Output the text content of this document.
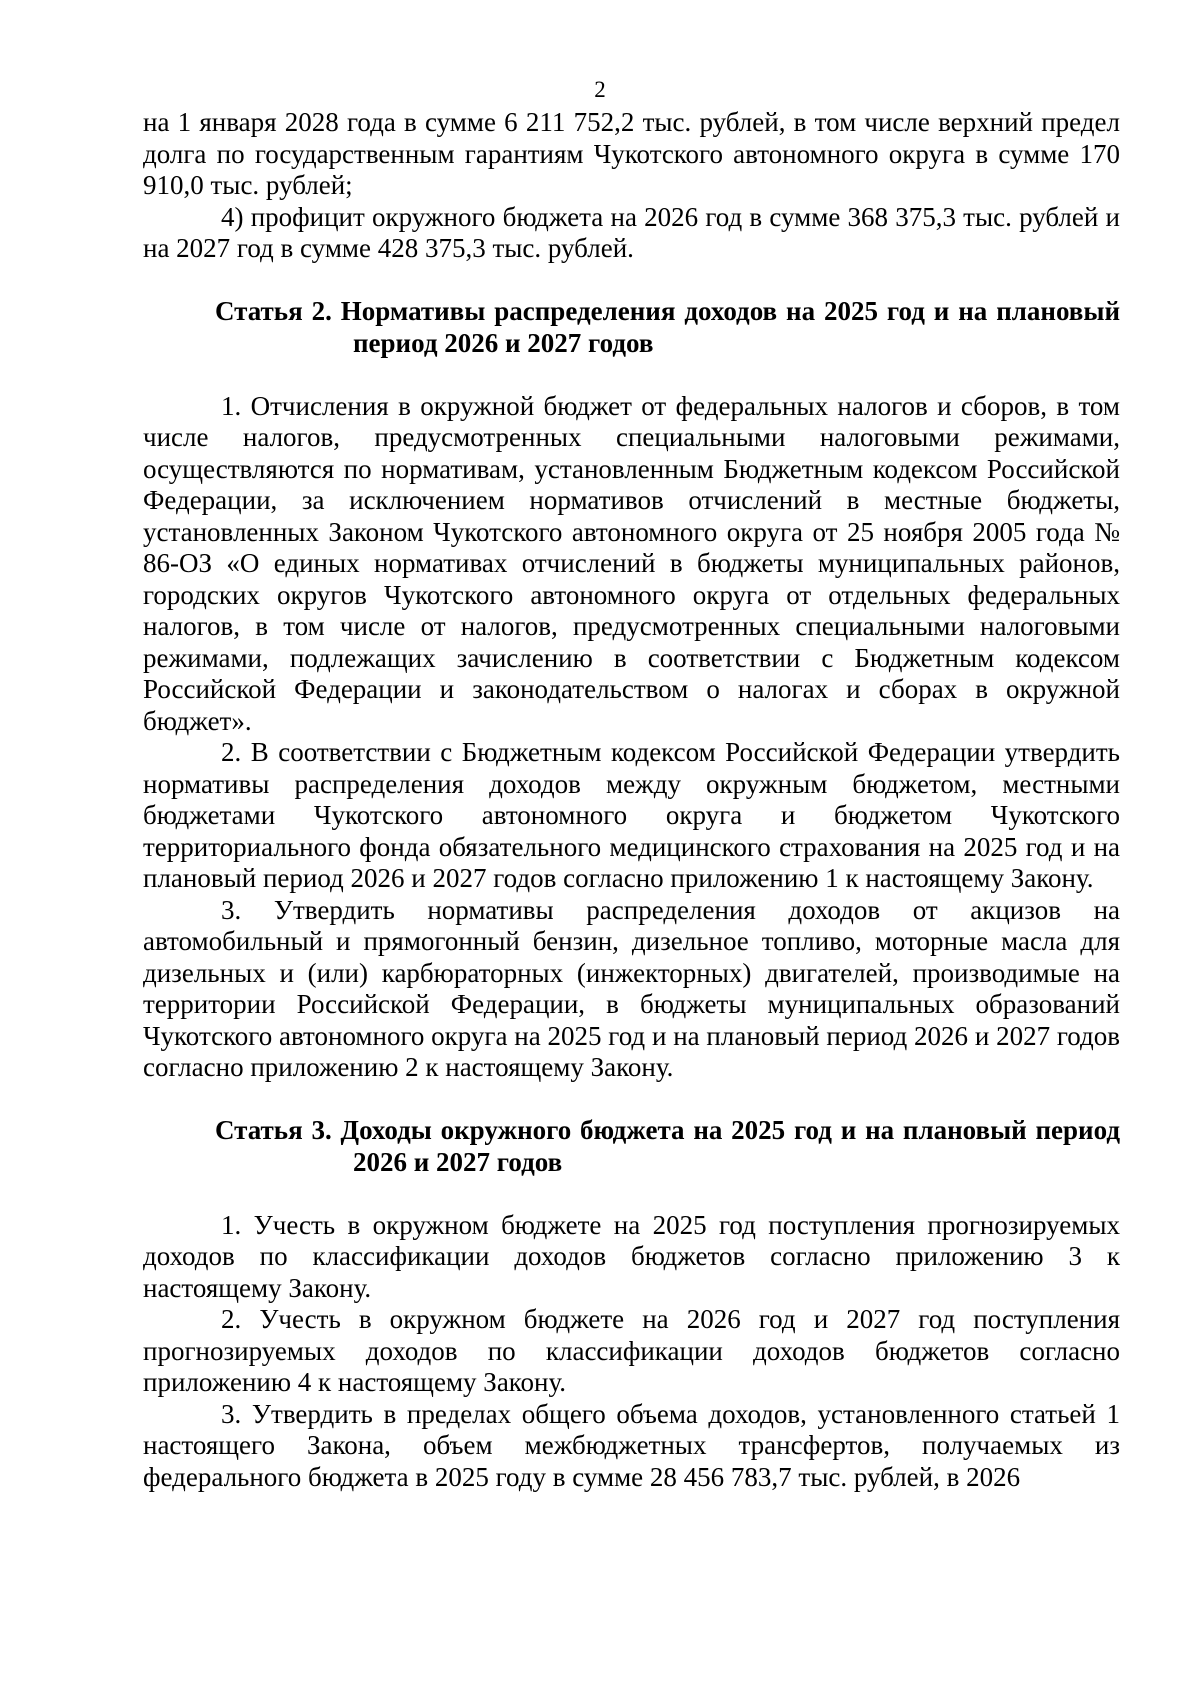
2

на 1 января 2028 года в сумме 6 211 752,2 тыс. рублей, в том числе верхний предел долга по государственным гарантиям Чукотского автономного округа в сумме 170 910,0 тыс. рублей;

4) профицит окружного бюджета на 2026 год в сумме 368 375,3 тыс. рублей и на 2027 год в сумме 428 375,3 тыс. рублей.

Статья 2. Нормативы распределения доходов на 2025 год и на плановый период 2026 и 2027 годов

1. Отчисления в окружной бюджет от федеральных налогов и сборов, в том числе налогов, предусмотренных специальными налоговыми режимами, осуществляются по нормативам, установленным Бюджетным кодексом Российской Федерации, за исключением нормативов отчислений в местные бюджеты, установленных Законом Чукотского автономного округа от 25 ноября 2005 года № 86-ОЗ «О единых нормативах отчислений в бюджеты муниципальных районов, городских округов Чукотского автономного округа от отдельных федеральных налогов, в том числе от налогов, предусмотренных специальными налоговыми режимами, подлежащих зачислению в соответствии с Бюджетным кодексом Российской Федерации и законодательством о налогах и сборах в окружной бюджет».

2. В соответствии с Бюджетным кодексом Российской Федерации утвердить нормативы распределения доходов между окружным бюджетом, местными бюджетами Чукотского автономного округа и бюджетом Чукотского территориального фонда обязательного медицинского страхования на 2025 год и на плановый период 2026 и 2027 годов согласно приложению 1 к настоящему Закону.

3. Утвердить нормативы распределения доходов от акцизов на автомобильный и прямогонный бензин, дизельное топливо, моторные масла для дизельных и (или) карбюраторных (инжекторных) двигателей, производимые на территории Российской Федерации, в бюджеты муниципальных образований Чукотского автономного округа на 2025 год и на плановый период 2026 и 2027 годов согласно приложению 2 к настоящему Закону.

Статья 3. Доходы окружного бюджета на 2025 год и на плановый период 2026 и 2027 годов

1. Учесть в окружном бюджете на 2025 год поступления прогнозируемых доходов по классификации доходов бюджетов согласно приложению 3 к настоящему Закону.

2. Учесть в окружном бюджете на 2026 год и 2027 год поступления прогнозируемых доходов по классификации доходов бюджетов согласно приложению 4 к настоящему Закону.

3. Утвердить в пределах общего объема доходов, установленного статьей 1 настоящего Закона, объем межбюджетных трансфертов, получаемых из федерального бюджета в 2025 году в сумме 28 456 783,7 тыс. рублей, в 2026
